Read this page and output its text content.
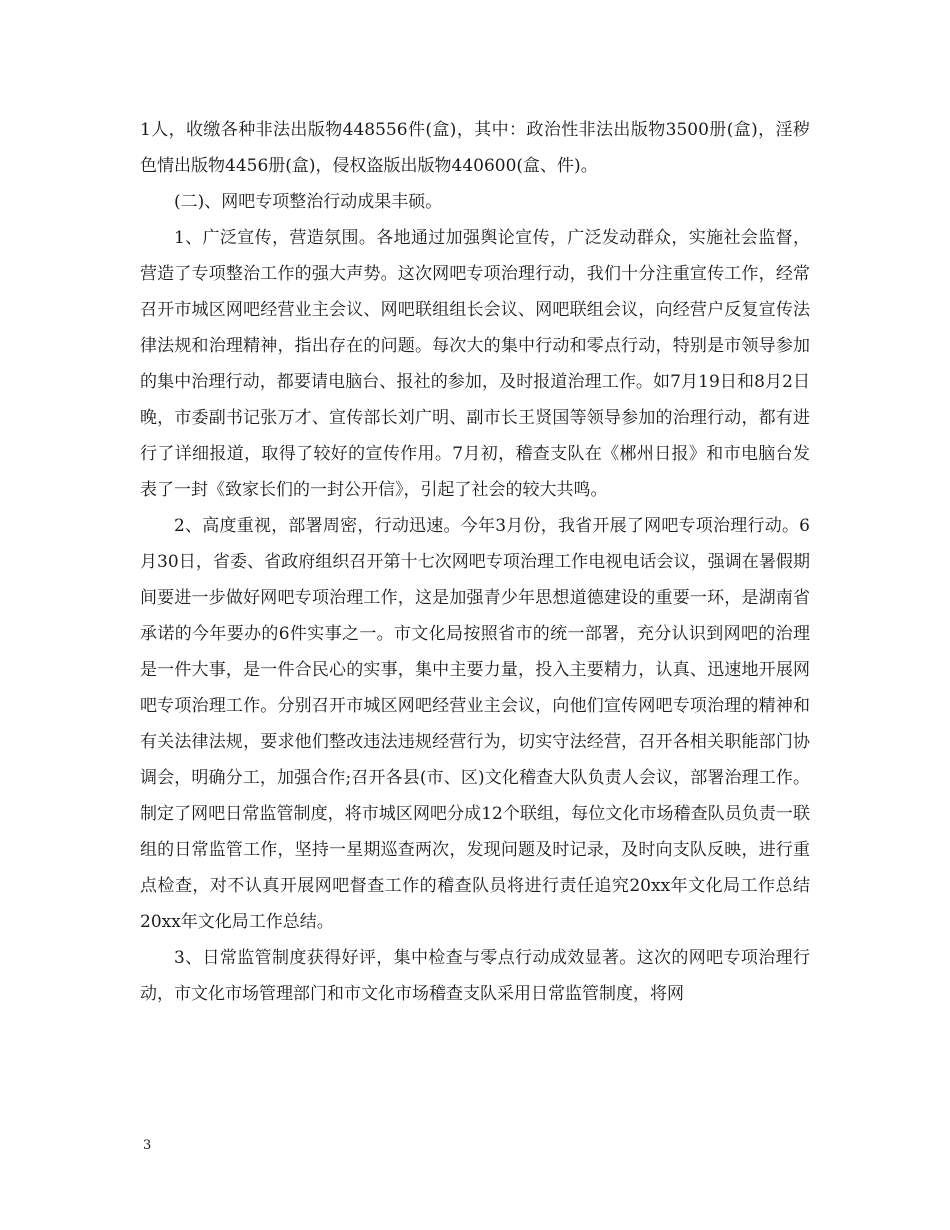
1人，收缴各种非法出版物448556件(盒)，其中：政治性非法出版物3500册(盒)，淫秽色情出版物4456册(盒)，侵权盗版出版物440600(盒、件)。

(二)、网吧专项整治行动成果丰硕。

1、广泛宣传，营造氛围。各地通过加强舆论宣传，广泛发动群众，实施社会监督，营造了专项整治工作的强大声势。这次网吧专项治理行动，我们十分注重宣传工作，经常召开市城区网吧经营业主会议、网吧联组组长会议、网吧联组会议，向经营户反复宣传法律法规和治理精神，指出存在的问题。每次大的集中行动和零点行动，特别是市领导参加的集中治理行动，都要请电脑台、报社的参加，及时报道治理工作。如7月19日和8月2日晚，市委副书记张万才、宣传部长刘广明、副市长王贤国等领导参加的治理行动，都有进行了详细报道，取得了较好的宣传作用。7月初，稽查支队在《郴州日报》和市电脑台发表了一封《致家长们的一封公开信》，引起了社会的较大共鸣。

2、高度重视，部署周密，行动迅速。今年3月份，我省开展了网吧专项治理行动。6月30日，省委、省政府组织召开第十七次网吧专项治理工作电视电话会议，强调在暑假期间要进一步做好网吧专项治理工作，这是加强青少年思想道德建设的重要一环，是湖南省承诺的今年要办的6件实事之一。市文化局按照省市的统一部署，充分认识到网吧的治理是一件大事，是一件合民心的实事，集中主要力量，投入主要精力，认真、迅速地开展网吧专项治理工作。分别召开市城区网吧经营业主会议，向他们宣传网吧专项治理的精神和有关法律法规，要求他们整改违法违规经营行为，切实守法经营，召开各相关职能部门协调会，明确分工，加强合作;召开各县(市、区)文化稽查大队负责人会议，部署治理工作。制定了网吧日常监管制度，将市城区网吧分成12个联组，每位文化市场稽查队员负责一联组的日常监管工作，坚持一星期巡查两次，发现问题及时记录，及时向支队反映，进行重点检查，对不认真开展网吧督查工作的稽查队员将进行责任追究20xx年文化局工作总结20xx年文化局工作总结。

3、日常监管制度获得好评，集中检查与零点行动成效显著。这次的网吧专项治理行动，市文化市场管理部门和市文化市场稽查支队采用日常监管制度，将网

3
